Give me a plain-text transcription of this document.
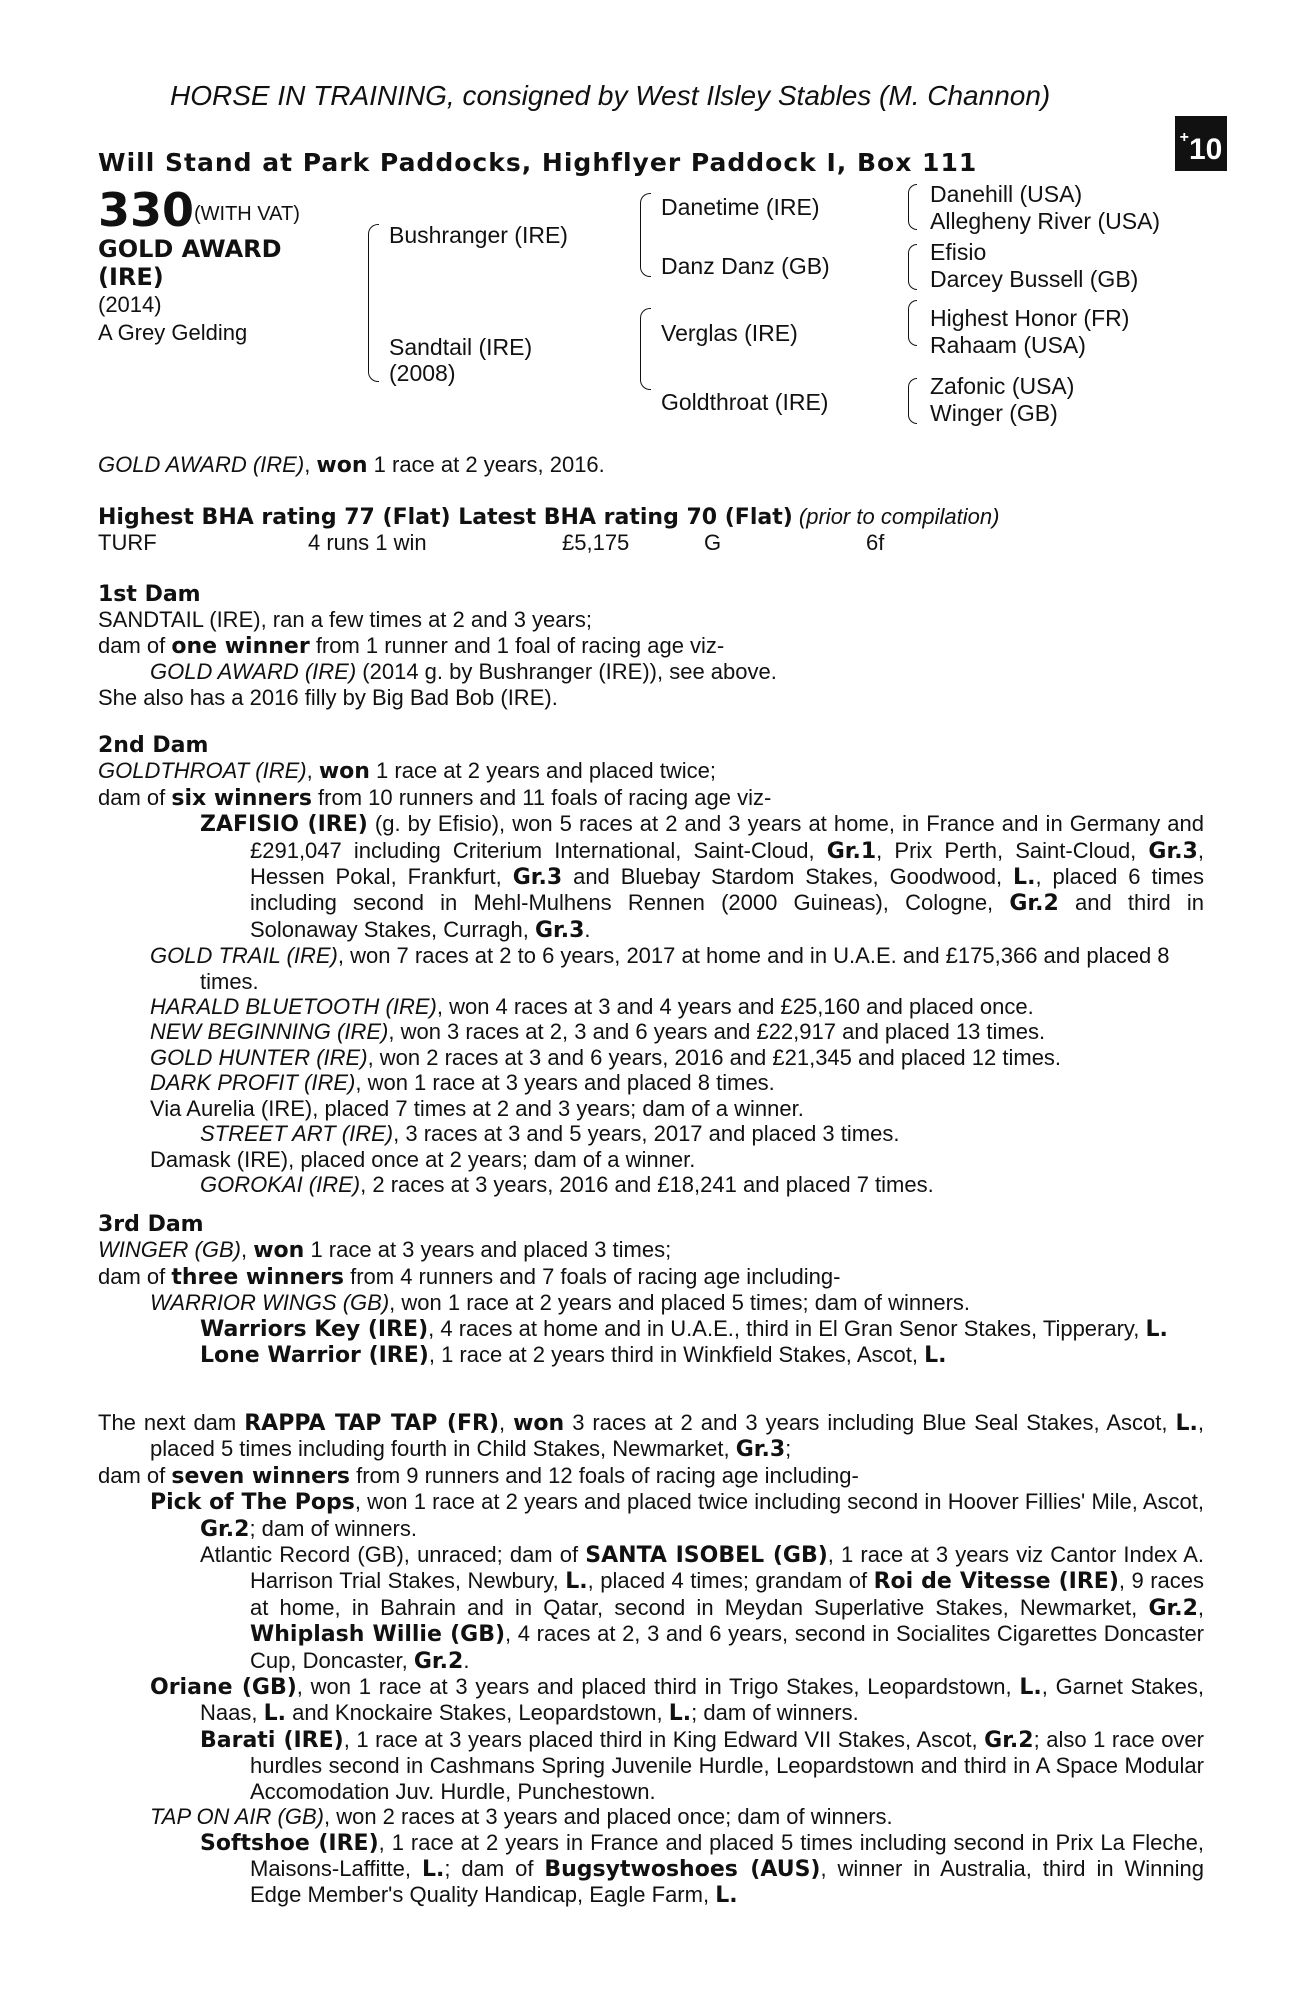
HORSE IN TRAINING, consigned by West Ilsley Stables (M. Channon)
Will Stand at Park Paddocks, Highflyer Paddock I, Box 111
+10
330 (WITH VAT)
GOLD AWARD (IRE)
(2014)
A Grey Gelding
Bushranger (IRE)
Sandtail (IRE)
(2008)
Danetime (IRE)
Danz Danz (GB)
Verglas (IRE)
Goldthroat (IRE)
Danehill (USA)
Allegheny River (USA)
Efisio
Darcey Bussell (GB)
Highest Honor (FR)
Rahaam (USA)
Zafonic (USA)
Winger (GB)

GOLD AWARD (IRE), won 1 race at 2 years, 2016.

Highest BHA rating 77 (Flat) Latest BHA rating 70 (Flat) (prior to compilation)

TURF	4 runs 1 win	£5,175	G	6f

1st Dam

SANDTAIL (IRE), ran a few times at 2 and 3 years;

dam of one winner from 1 runner and 1 foal of racing age viz-

GOLD AWARD (IRE) (2014 g. by Bushranger (IRE)), see above.

She also has a 2016 filly by Big Bad Bob (IRE).

2nd Dam

GOLDTHROAT (IRE), won 1 race at 2 years and placed twice;

dam of six winners from 10 runners and 11 foals of racing age viz-

ZAFISIO (IRE) (g. by Efisio), won 5 races at 2 and 3 years at home, in France and in Germany and £291,047 including Criterium International, Saint-Cloud, Gr.1, Prix Perth, Saint-Cloud, Gr.3, Hessen Pokal, Frankfurt, Gr.3 and Bluebay Stardom Stakes, Goodwood, L., placed 6 times including second in Mehl-Mulhens Rennen (2000 Guineas), Cologne, Gr.2 and third in Solonaway Stakes, Curragh, Gr.3.

GOLD TRAIL (IRE), won 7 races at 2 to 6 years, 2017 at home and in U.A.E. and £175,366 and placed 8 times.

HARALD BLUETOOTH (IRE), won 4 races at 3 and 4 years and £25,160 and placed once.

NEW BEGINNING (IRE), won 3 races at 2, 3 and 6 years and £22,917 and placed 13 times.

GOLD HUNTER (IRE), won 2 races at 3 and 6 years, 2016 and £21,345 and placed 12 times.

DARK PROFIT (IRE), won 1 race at 3 years and placed 8 times.

Via Aurelia (IRE), placed 7 times at 2 and 3 years; dam of a winner.

STREET ART (IRE), 3 races at 3 and 5 years, 2017 and placed 3 times.

Damask (IRE), placed once at 2 years; dam of a winner.

GOROKAI (IRE), 2 races at 3 years, 2016 and £18,241 and placed 7 times.

3rd Dam

WINGER (GB), won 1 race at 3 years and placed 3 times;

dam of three winners from 4 runners and 7 foals of racing age including-

WARRIOR WINGS (GB), won 1 race at 2 years and placed 5 times; dam of winners.

Warriors Key (IRE), 4 races at home and in U.A.E., third in El Gran Senor Stakes, Tipperary, L.

Lone Warrior (IRE), 1 race at 2 years third in Winkfield Stakes, Ascot, L.

The next dam RAPPA TAP TAP (FR), won 3 races at 2 and 3 years including Blue Seal Stakes, Ascot, L., placed 5 times including fourth in Child Stakes, Newmarket, Gr.3;

dam of seven winners from 9 runners and 12 foals of racing age including-

Pick of The Pops, won 1 race at 2 years and placed twice including second in Hoover Fillies' Mile, Ascot, Gr.2; dam of winners.

Atlantic Record (GB), unraced; dam of SANTA ISOBEL (GB), 1 race at 3 years viz Cantor Index A. Harrison Trial Stakes, Newbury, L., placed 4 times; grandam of Roi de Vitesse (IRE), 9 races at home, in Bahrain and in Qatar, second in Meydan Superlative Stakes, Newmarket, Gr.2, Whiplash Willie (GB), 4 races at 2, 3 and 6 years, second in Socialites Cigarettes Doncaster Cup, Doncaster, Gr.2.

Oriane (GB), won 1 race at 3 years and placed third in Trigo Stakes, Leopardstown, L., Garnet Stakes, Naas, L. and Knockaire Stakes, Leopardstown, L.; dam of winners.

Barati (IRE), 1 race at 3 years placed third in King Edward VII Stakes, Ascot, Gr.2; also 1 race over hurdles second in Cashmans Spring Juvenile Hurdle, Leopardstown and third in A Space Modular Accomodation Juv. Hurdle, Punchestown.

TAP ON AIR (GB), won 2 races at 3 years and placed once; dam of winners.

Softshoe (IRE), 1 race at 2 years in France and placed 5 times including second in Prix La Fleche, Maisons-Laffitte, L.; dam of Bugsytwoshoes (AUS), winner in Australia, third in Winning Edge Member's Quality Handicap, Eagle Farm, L.
